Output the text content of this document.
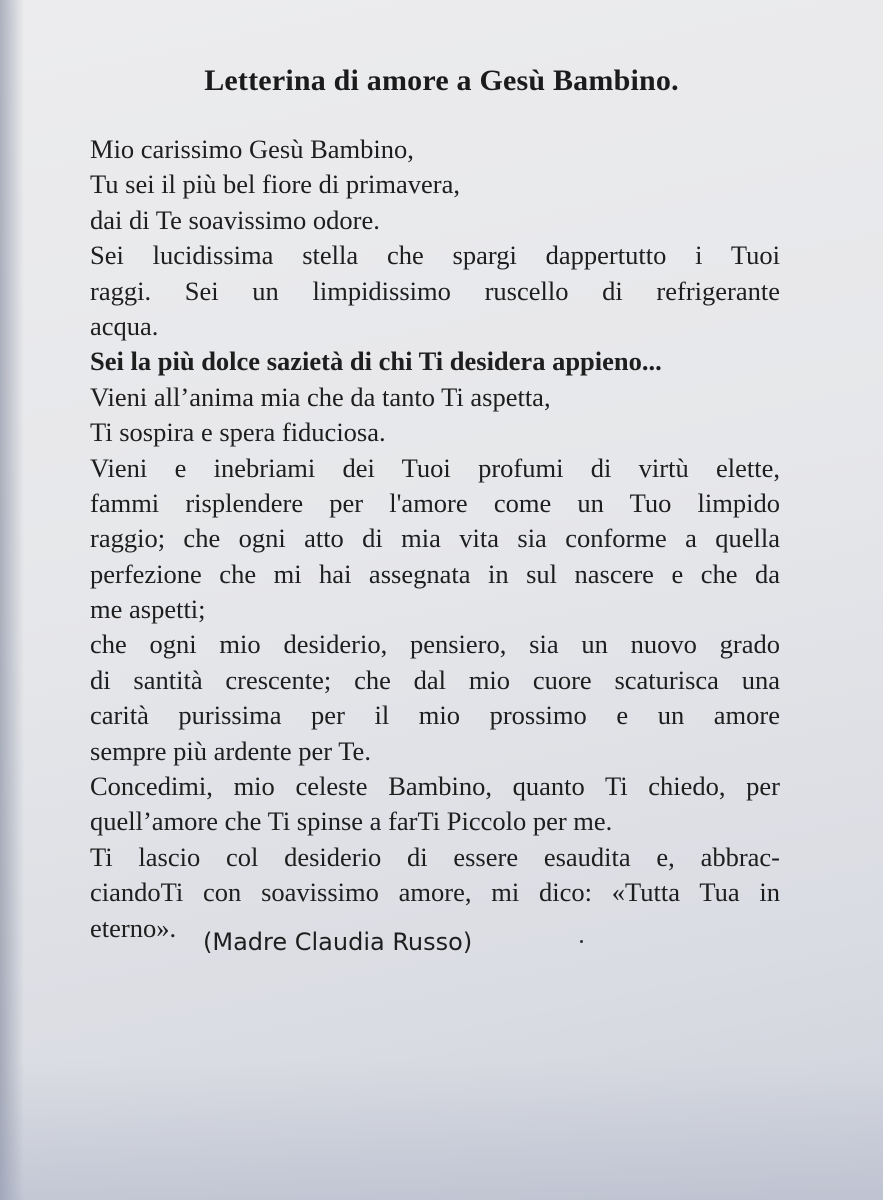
Letterina di amore a Gesù Bambino.
Mio carissimo Gesù Bambino,
Tu sei il più bel fiore di primavera,
dai di Te soavissimo odore.
Sei lucidissima stella che spargi dappertutto i Tuoi
raggi. Sei un limpidissimo ruscello di refrigerante
acqua.
Sei la più dolce sazietà di chi Ti desidera appieno...
Vieni all’anima mia che da tanto Ti aspetta,
Ti sospira e spera fiduciosa.
Vieni e inebriami dei Tuoi profumi di virtù elette,
fammi risplendere per l'amore come un Tuo limpido
raggio; che ogni atto di mia vita sia conforme a quella
perfezione che mi hai assegnata in sul nascere e che da
me aspetti;
che ogni mio desiderio, pensiero, sia un nuovo grado
di santità crescente; che dal mio cuore scaturisca una
carità purissima per il mio prossimo e un amore
sempre più ardente per Te.
Concedimi, mio celeste Bambino, quanto Ti chiedo, per
quell’amore che Ti spinse a farTi Piccolo per me.
Ti lascio col desiderio di essere esaudita e, abbrac-
ciandoTi con soavissimo amore, mi dico: «Tutta Tua in
eterno».	(Madre Claudia Russo)
